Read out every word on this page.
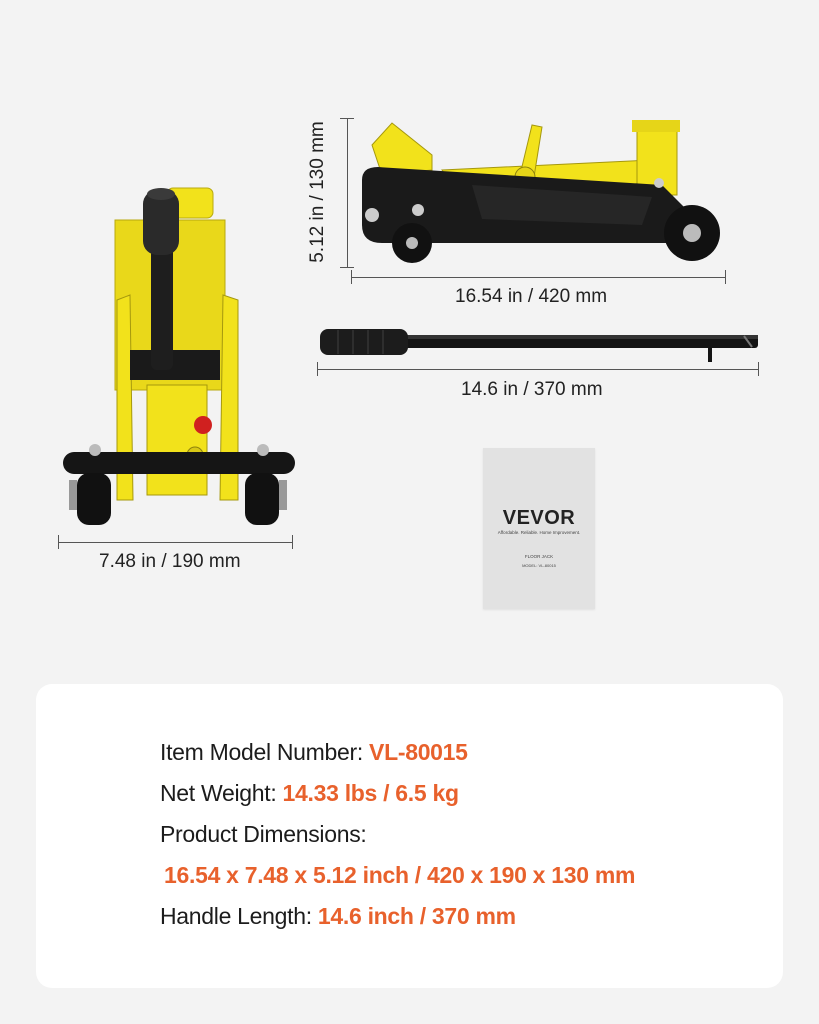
7.48 in / 190 mm
5.12 in / 130 mm
16.54 in / 420 mm
14.6 in / 370 mm
VEVOR
Affordable. Reliable. Home Improvement.
FLOOR JACK
MODEL: VL-80015
Item Model Number: VL-80015
Net Weight: 14.33 lbs / 6.5 kg
Product Dimensions:
16.54 x 7.48 x 5.12 inch / 420 x 190 x 130 mm
Handle Length: 14.6 inch / 370 mm
